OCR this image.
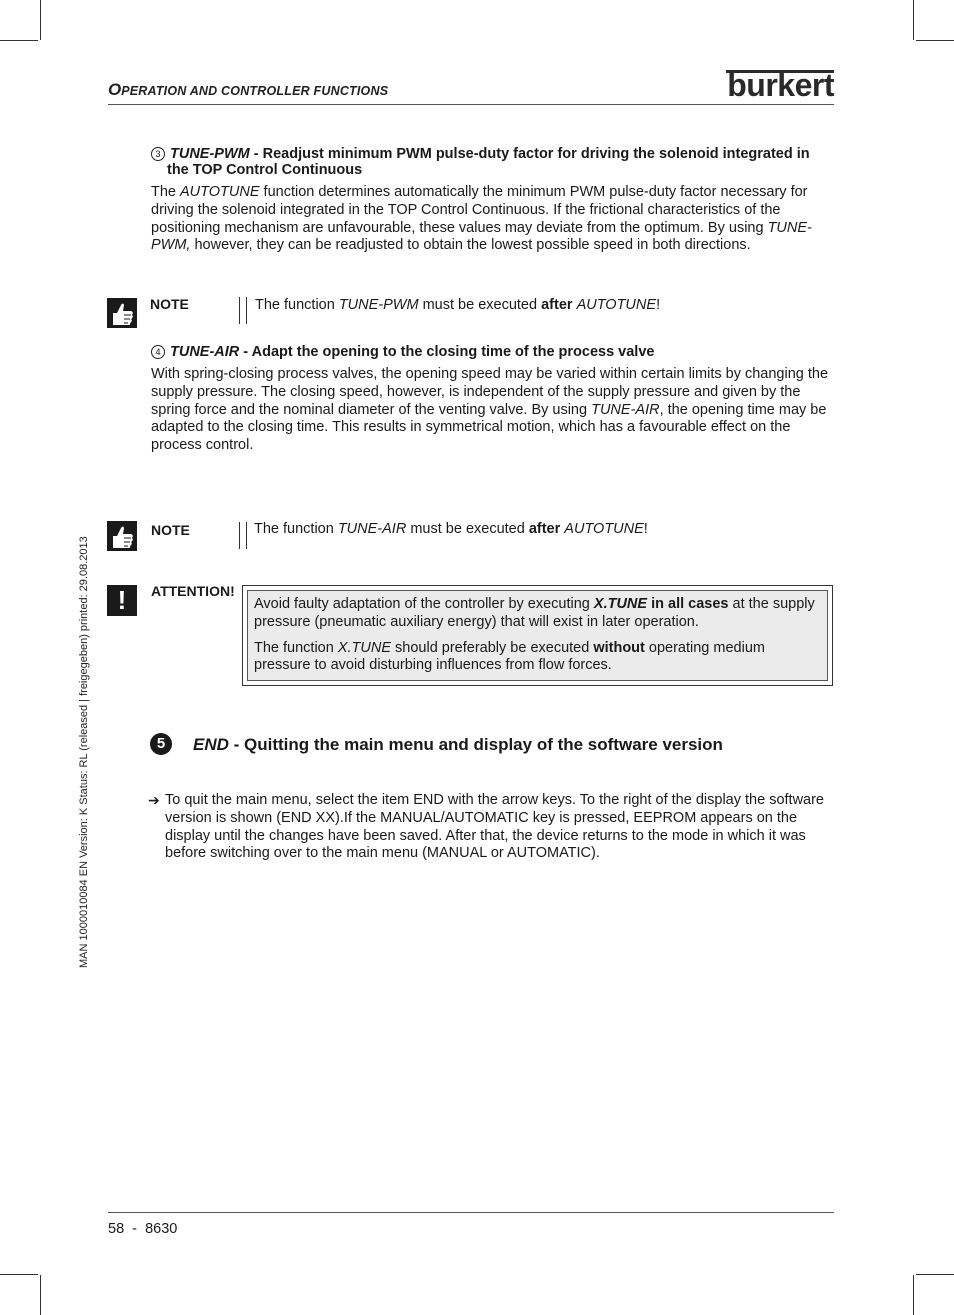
OPERATION AND CONTROLLER FUNCTIONS	burkert
MAN 1000010084 EN Version: K Status: RL (released | freigegeben) printed: 29.08.2013
3 TUNE-PWM - Readjust minimum PWM pulse-duty factor for driving the solenoid integrated in
the TOP Control Continuous
The AUTOTUNE function determines automatically the minimum PWM pulse-duty factor necessary for driving the solenoid integrated in the TOP Control Continuous. If the frictional characteristics of the positioning mechanism are unfavourable, these values may deviate from the optimum. By using TUNE-PWM, however, they can be readjusted to obtain the lowest possible speed in both directions.
NOTE	The function TUNE-PWM must be executed after AUTOTUNE!
4 TUNE-AIR - Adapt the opening to the closing time of the process valve
With spring-closing process valves, the opening speed may be varied within certain limits by changing the supply pressure. The closing speed, however, is independent of the supply pressure and given by the spring force and the nominal diameter of the venting valve. By using TUNE-AIR, the opening time may be adapted to the closing time. This results in symmetrical motion, which has a favourable effect on the process control.
NOTE	The function TUNE-AIR must be executed after AUTOTUNE!
!	ATTENTION!

Avoid faulty adaptation of the controller by executing X.TUNE in all cases at the supply pressure (pneumatic auxiliary energy) that will exist in later operation.

The function X.TUNE should preferably be executed without operating medium pressure to avoid disturbing influences from flow forces.

5	END - Quitting the main menu and display of the software version
➔ To quit the main menu, select the item END with the arrow keys. To the right of the display the software version is shown (END XX).If the MANUAL/AUTOMATIC key is pressed, EEPROM appears on the display until the changes have been saved. After that, the device returns to the mode in which it was before switching over to the main menu (MANUAL or AUTOMATIC).
58  -  8630
